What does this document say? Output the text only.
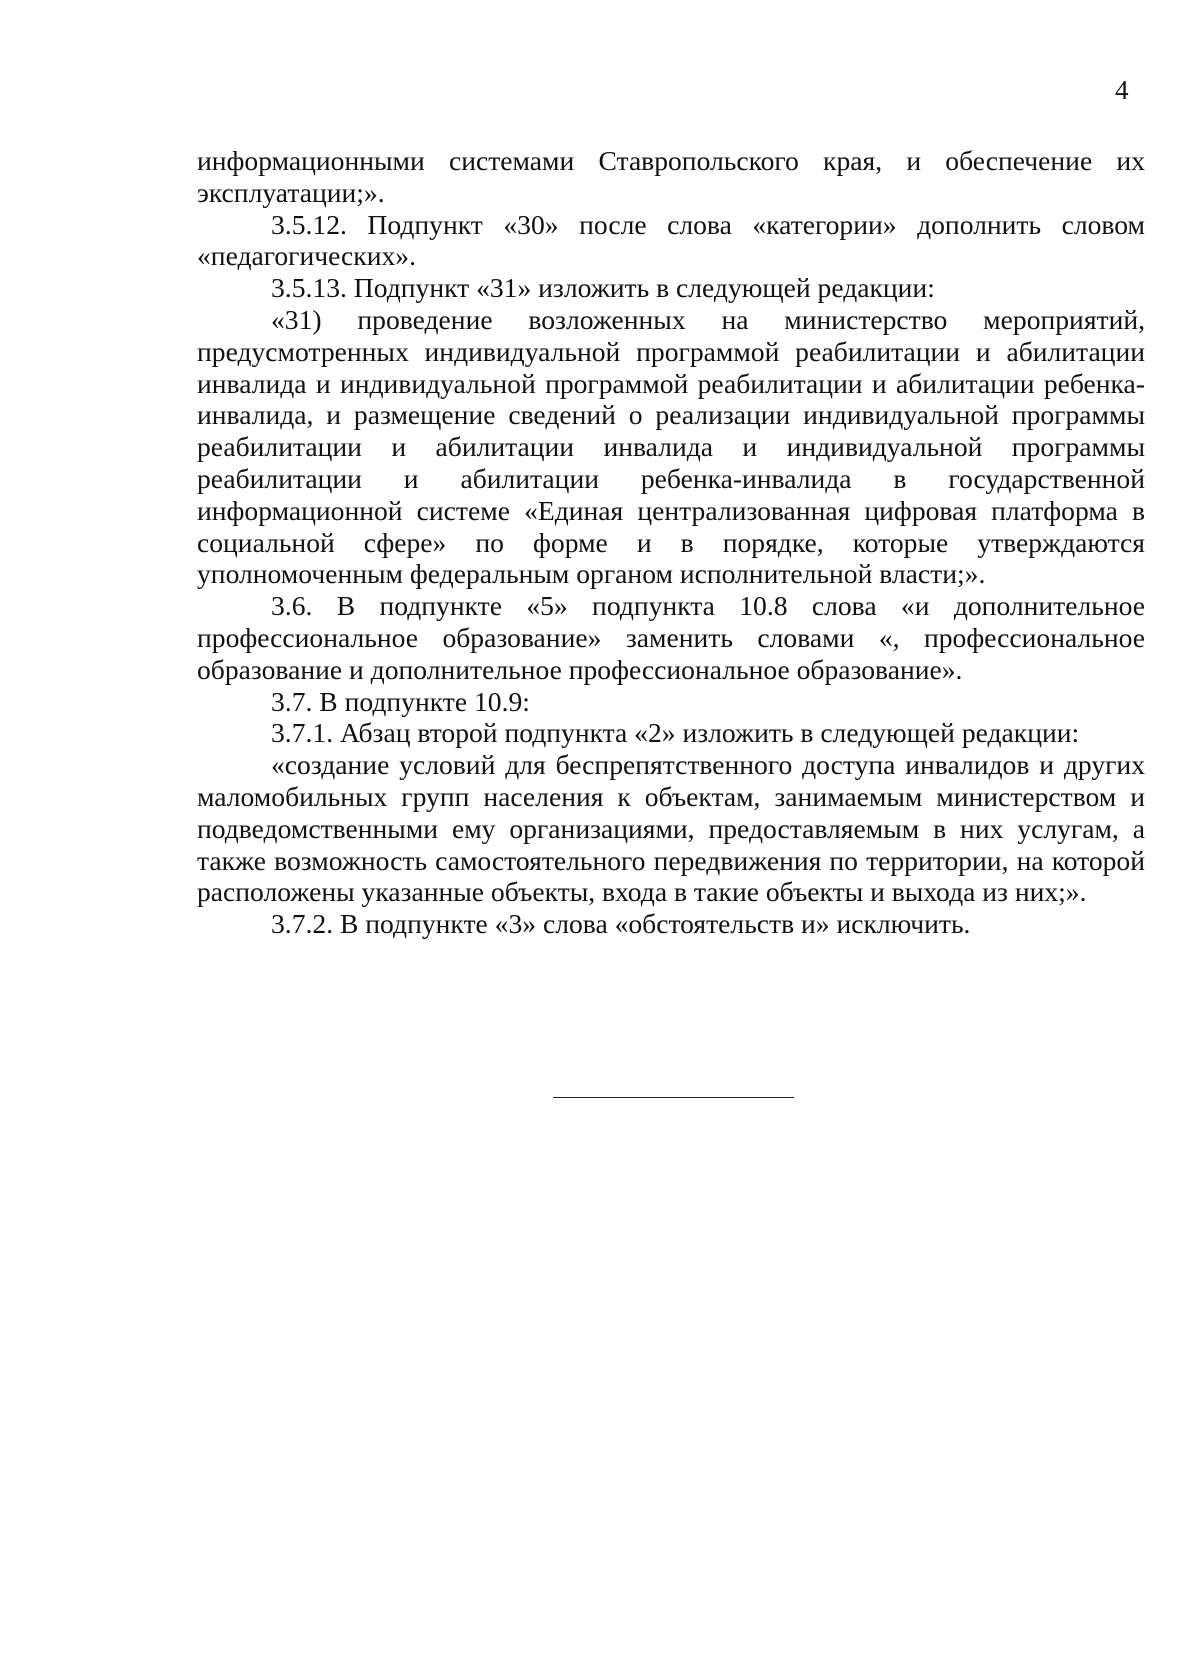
4

информационными системами Ставропольского края, и обеспечение их эксплуатации;».

3.5.12. Подпункт «30» после слова «категории» дополнить словом «педагогических».

3.5.13. Подпункт «31» изложить в следующей редакции:

«31) проведение возложенных на министерство мероприятий, предусмотренных индивидуальной программой реабилитации и абилитации инвалида и индивидуальной программой реабилитации и абилитации ребенка-инвалида, и размещение сведений о реализации индивидуальной программы реабилитации и абилитации инвалида и индивидуальной программы реабилитации и абилитации ребенка-инвалида в государственной информационной системе «Единая централизованная цифровая платформа в социальной сфере» по форме и в порядке, которые утверждаются уполномоченным федеральным органом исполнительной власти;».

3.6. В подпункте «5» подпункта 10.8 слова «и дополнительное профессиональное образование» заменить словами «, профессиональное образование и дополнительное профессиональное образование».

3.7. В подпункте 10.9:

3.7.1. Абзац второй подпункта «2» изложить в следующей редакции:

«создание условий для беспрепятственного доступа инвалидов и других маломобильных групп населения к объектам, занимаемым министерством и подведомственными ему организациями, предоставляемым в них услугам, а также возможность самостоятельного передвижения по территории, на которой расположены указанные объекты, входа в такие объекты и выхода из них;».

3.7.2. В подпункте «3» слова «обстоятельств и» исключить.
